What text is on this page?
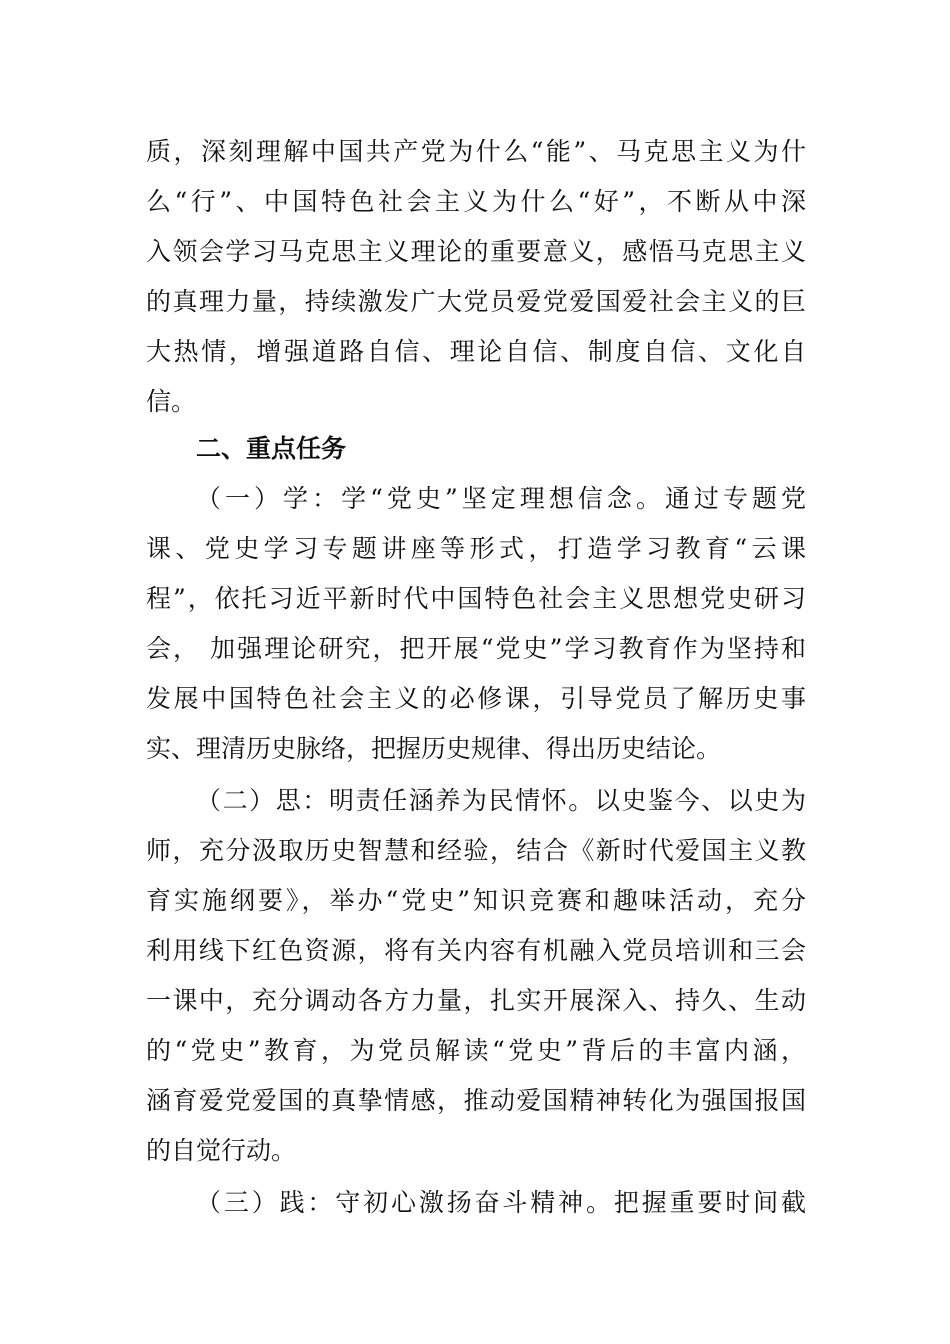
质，深刻理解中国共产党为什么“能”、马克思主义为什
么“行”、中国特色社会主义为什么“好”，不断从中深
入领会学习马克思主义理论的重要意义，感悟马克思主义
的真理力量，持续激发广大党员爱党爱国爱社会主义的巨
大热情，增强道路自信、理论自信、制度自信、文化自
信。
二、重点任务
（一）学：学“党史”坚定理想信念。通过专题党
课、党史学习专题讲座等形式，打造学习教育“云课
程”，依托习近平新时代中国特色社会主义思想党史研习
会， 加强理论研究，把开展“党史”学习教育作为坚持和
发展中国特色社会主义的必修课，引导党员了解历史事
实、理清历史脉络，把握历史规律、得出历史结论。
（二）思：明责任涵养为民情怀。以史鉴今、以史为
师，充分汲取历史智慧和经验，结合《新时代爱国主义教
育实施纲要》，举办“党史”知识竞赛和趣味活动，充分
利用线下红色资源，将有关内容有机融入党员培训和三会
一课中，充分调动各方力量，扎实开展深入、持久、生动
的“党史”教育，为党员解读“党史”背后的丰富内涵，
涵育爱党爱国的真挚情感，推动爱国精神转化为强国报国
的自觉行动。
（三）践：守初心激扬奋斗精神。把握重要时间截
